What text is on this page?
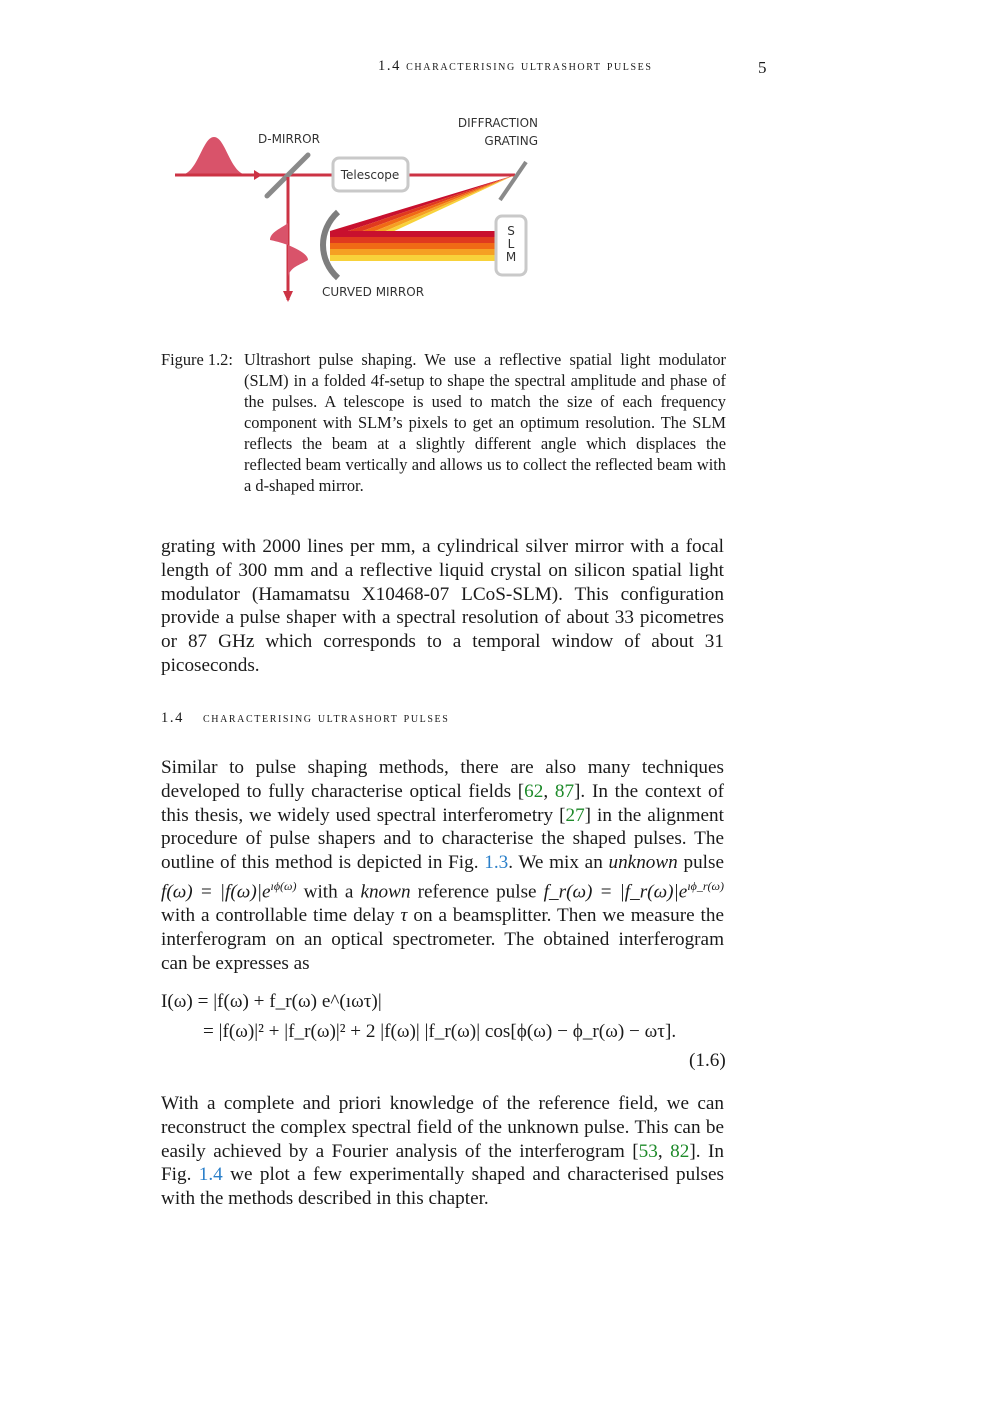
1.4 characterising ultrashort pulses	5
Telescope
S
L
M
D-MIRROR
DIFFRACTION
GRATING
CURVED MIRROR
Figure 1.2: Ultrashort pulse shaping. We use a reflective spatial light modulator (SLM) in a folded 4f-setup to shape the spectral amplitude and phase of the pulses. A telescope is used to match the size of each frequency component with SLM’s pixels to get an optimum resolution. The SLM reflects the beam at a slightly different angle which displaces the reflected beam vertically and allows us to collect the reflected beam with a d-shaped mirror.
grating with 2000 lines per mm, a cylindrical silver mirror with a focal length of 300 mm and a reflective liquid crystal on silicon spatial light modulator (Hamamatsu X10468-07 LCoS-SLM). This configuration provide a pulse shaper with a spectral resolution of about 33 picometres or 87 GHz which corresponds to a temporal window of about 31 picoseconds.
1.4 characterising ultrashort pulses
Similar to pulse shaping methods, there are also many techniques developed to fully characterise optical fields [62, 87]. In the context of this thesis, we widely used spectral interferometry [27] in the alignment procedure of pulse shapers and to characterise the shaped pulses. The outline of this method is depicted in Fig. 1.3. We mix an unknown pulse $f(\omega) = |f(\omega)|e^{ı\phi(\omega)}$ with a known reference pulse f_r(ω) = $|f\_r(\omega)|e^{ı\phi\_r(\omega)}$ with a controllable time delay τ on a beamsplitter. Then we measure the interferogram on an optical spectrometer. The obtained interferogram can be expresses as
I(ω) = |f(ω) + f_r(ω) e^(ıωτ)|
= |f(ω)|² + |f_r(ω)|² + 2 |f(ω)| |f_r(ω)| cos[ϕ(ω) − ϕ_r(ω) − ωτ].
(1.6)
With a complete and priori knowledge of the reference field, we can reconstruct the complex spectral field of the unknown pulse. This can be easily achieved by a Fourier analysis of the interferogram [53, 82]. In Fig. 1.4 we plot a few experimentally shaped and characterised pulses with the methods described in this chapter.
